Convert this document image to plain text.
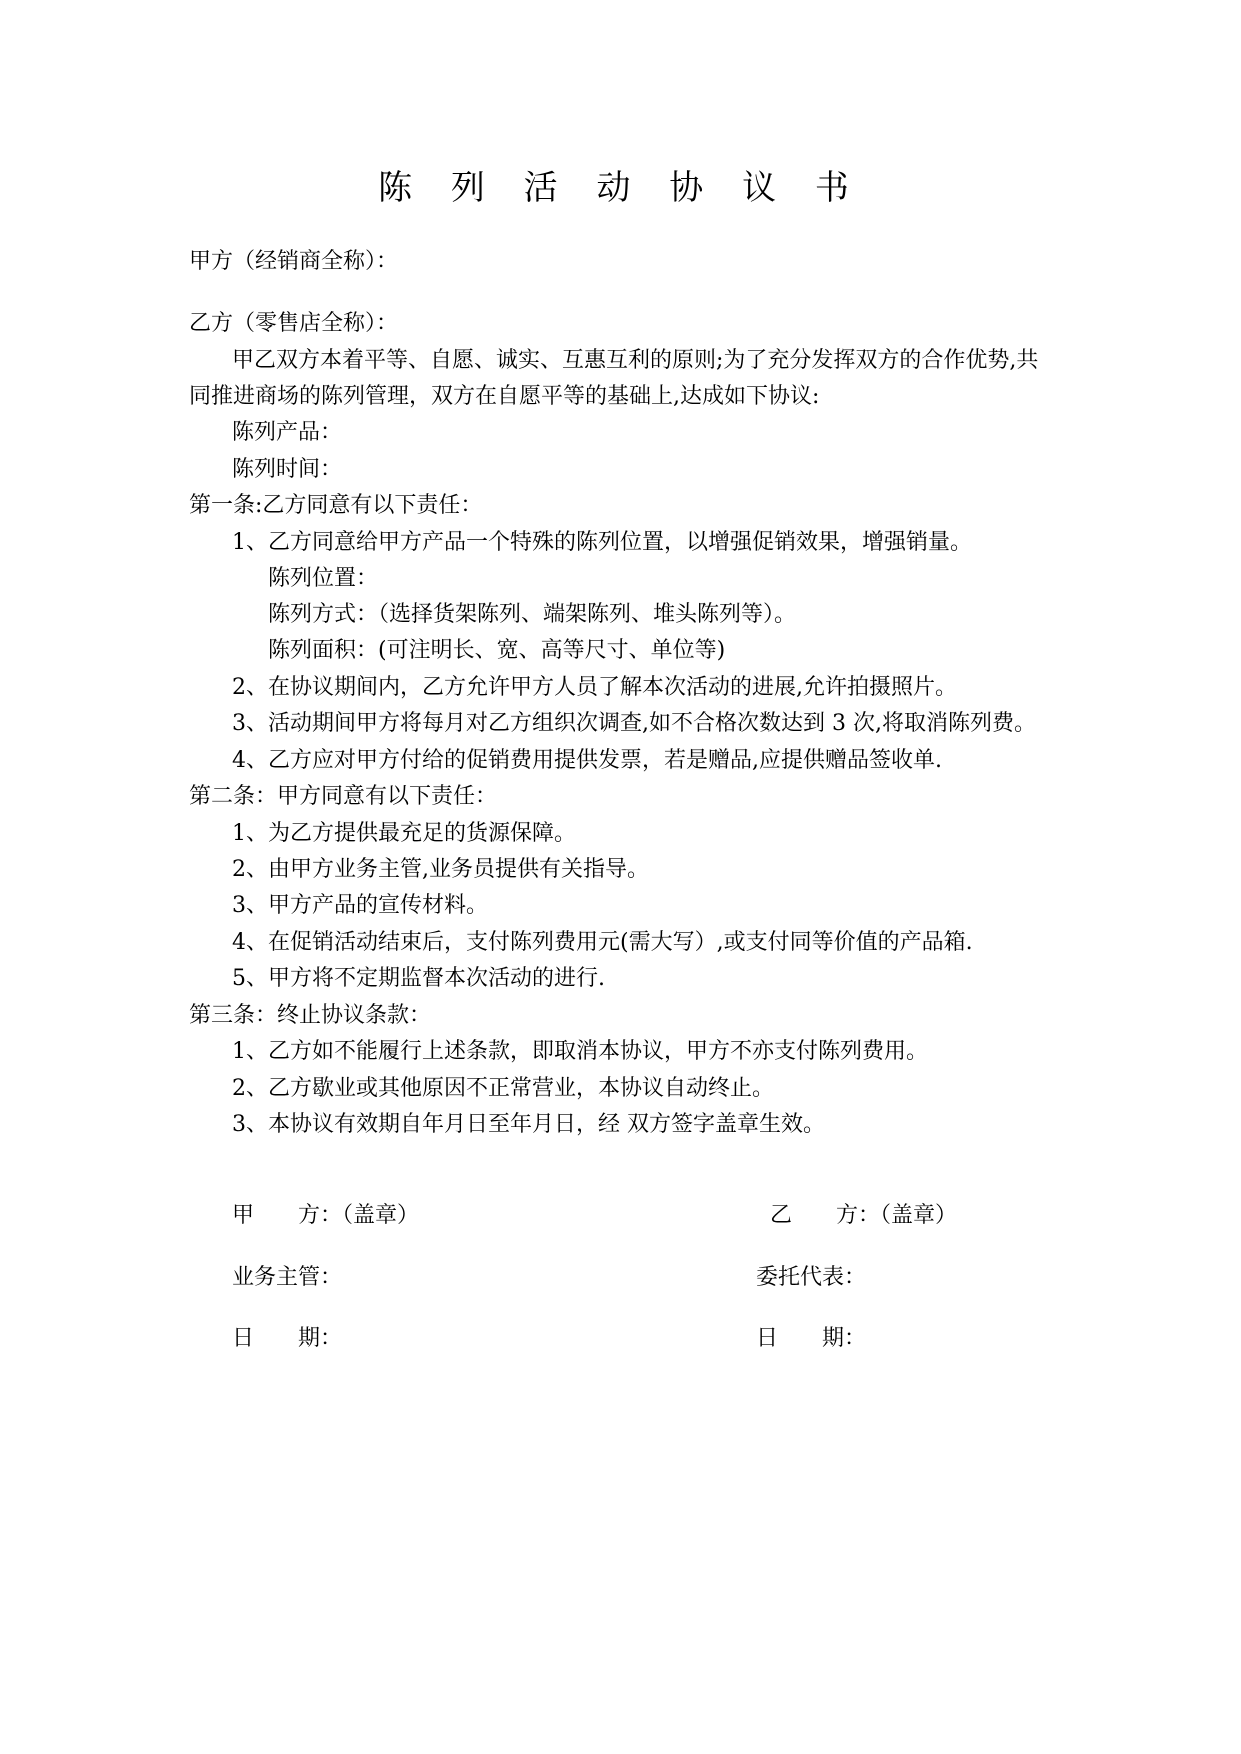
陈 列 活 动 协 议 书
甲方（经销商全称）：
乙方（零售店全称）：
甲乙双方本着平等、自愿、诚实、互惠互利的原则;为了充分发挥双方的合作优势,共
同推进商场的陈列管理，双方在自愿平等的基础上,达成如下协议:
陈列产品：
陈列时间：
第一条:乙方同意有以下责任：
1、乙方同意给甲方产品一个特殊的陈列位置，以增强促销效果，增强销量。
陈列位置：
陈列方式：（选择货架陈列、端架陈列、堆头陈列等）。
陈列面积：(可注明长、宽、高等尺寸、单位等)
2、在协议期间内，乙方允许甲方人员了解本次活动的进展,允许拍摄照片。
3、活动期间甲方将每月对乙方组织次调查,如不合格次数达到 3 次,将取消陈列费。
4、乙方应对甲方付给的促销费用提供发票，若是赠品,应提供赠品签收单.
第二条：甲方同意有以下责任：
1、为乙方提供最充足的货源保障。
2、由甲方业务主管,业务员提供有关指导。
3、甲方产品的宣传材料。
4、在促销活动结束后，支付陈列费用元(需大写）,或支付同等价值的产品箱.
5、甲方将不定期监督本次活动的进行.
第三条：终止协议条款：
1、乙方如不能履行上述条款，即取消本协议，甲方不亦支付陈列费用。
2、乙方歇业或其他原因不正常营业，本协议自动终止。
3、本协议有效期自年月日至年月日，经 双方签字盖章生效。
甲　　方：（盖章）	乙　　方：（盖章）
业务主管：	委托代表：
日　　期：	日　　期：
